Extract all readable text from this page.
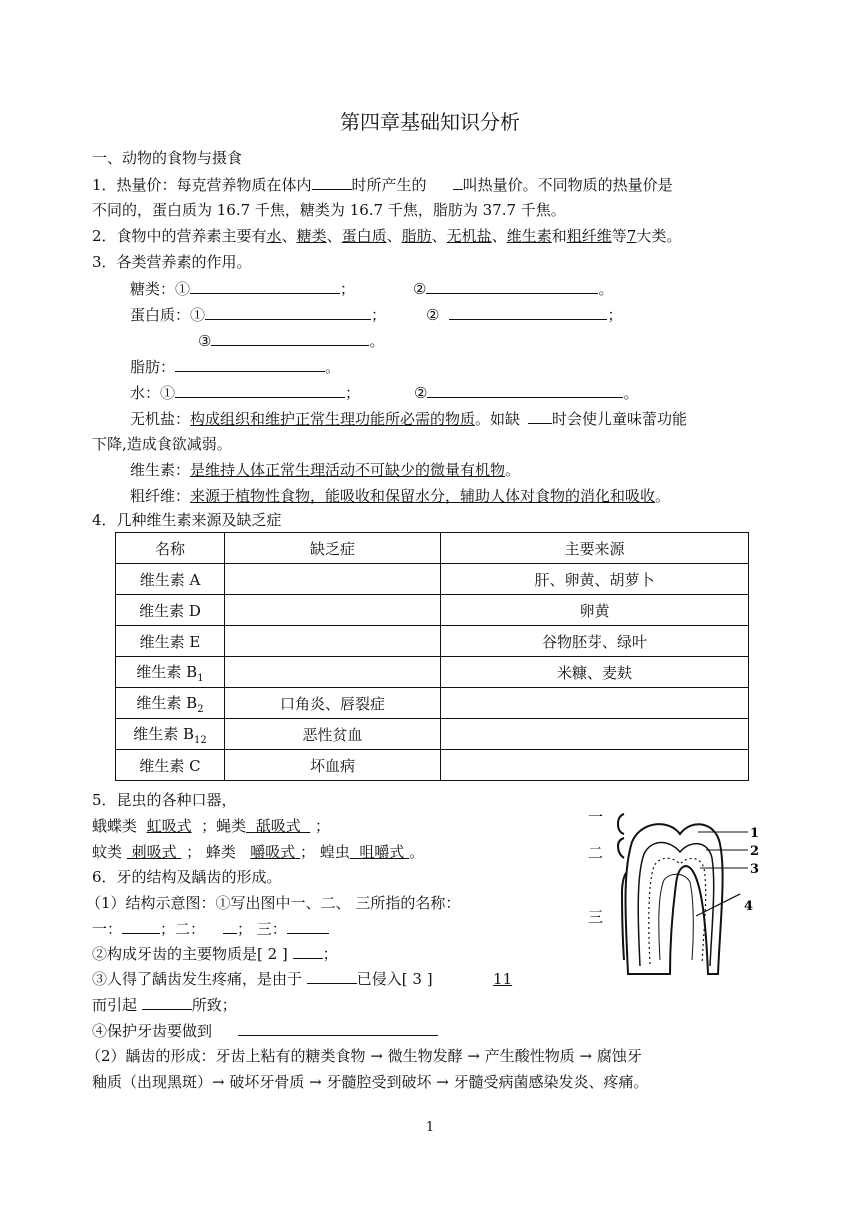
第四章基础知识分析
一、动物的食物与摄食
1．热量价：每克营养物质在体内	时所产生的 叫热量价。不同物质的热量价是
不同的，蛋白质为 16.7 千焦，糖类为 16.7 千焦，脂肪为 37.7 千焦。
2．食物中的营养素主要有水、糖类、蛋白质、脂肪、无机盐、维生素和粗纤维等7大类。
3．各类营养素的作用。
糖类：①	；	②	。
蛋白质：①	；	②	；
③	。
脂肪：	。
水：①	；	②	。
无机盐：构成组织和维护正常生理功能所必需的物质。如缺 时会使儿童味蕾功能
下降,造成食欲减弱。
维生素：是维持人体正常生理活动不可缺少的微量有机物。
粗纤维：来源于植物性食物，能吸收和保留水分，辅助人体对食物的消化和吸收。
4．几种维生素来源及缺乏症
名称	缺乏症	主要来源
维生素 A		肝、卵黄、胡萝卜
维生素 D		卵黄
维生素 E		谷物胚芽、绿叶
维生素 $B_1$		米糠、麦麸
维生素 $B_2$	口角炎、唇裂症	
维生素 $B_{12}$	恶性贫血	
维生素 C	坏血病	
5．昆虫的各种口器，
蛾蝶类 虹吸式 ；蝇类 舐吸式 ；
蚊类 刺吸式 ； 蜂类 嚼吸式 ； 蝗虫 咀嚼式 。
6．牙的结构及龋齿的形成。
（1）结构示意图：①写出图中一、二、 三所指的名称：
一：	；二： ； 三：
②构成牙齿的主要物质是[ 2 ] ；
③人得了龋齿发生疼痛，是由于	已侵入[ 3 ]	11
而引起	所致；
④保护牙齿要做到
（2）龋齿的形成：牙齿上粘有的糖类食物 → 微生物发酵 → 产生酸性物质 → 腐蚀牙
釉质（出现黑斑）→ 破坏牙骨质 → 牙髓腔受到破坏 → 牙髓受病菌感染发炎、疼痛。
一
二
三
1
2
3
4
1
